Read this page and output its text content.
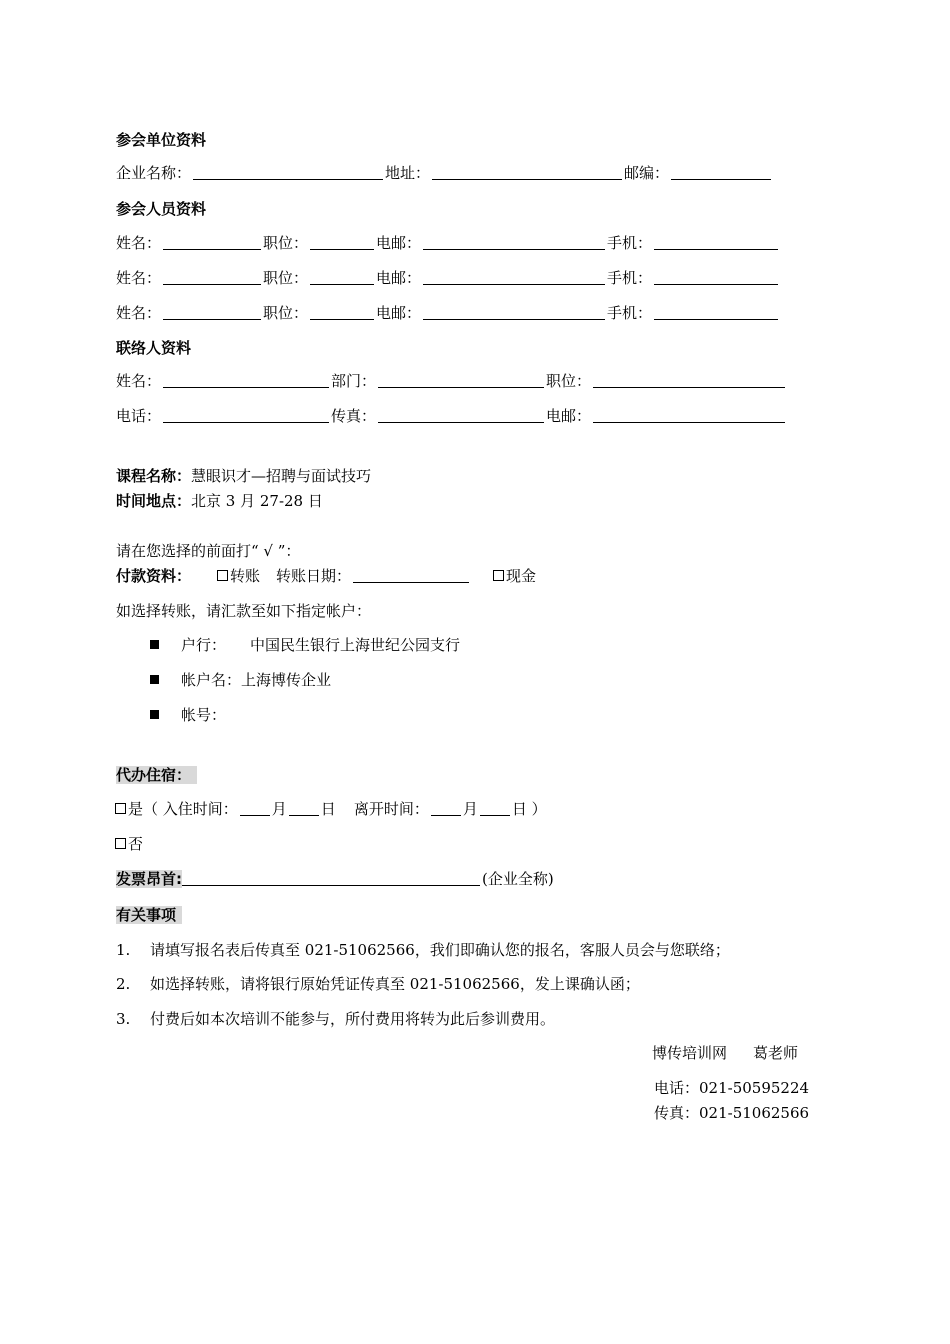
参会单位资料
企业名称：	地址：	邮编：
参会人员资料
姓名：	职位：	电邮：	手机：
姓名：	职位：	电邮：	手机：
姓名：	职位：	电邮：	手机：
联络人资料
姓名：	部门：	职位：
电话：	传真：	电邮：
课程名称：慧眼识才—招聘与面试技巧
时间地点：北京 3 月 27-28 日
请在您选择的前面打“ √ ”：
付款资料：	转账 转账日期：	现金
如选择转账，请汇款至如下指定帐户：
户行： 中国民生银行上海世纪公园支行
帐户名：上海博传企业
帐号：
代办住宿：
是（ 入住时间： 月 日 离开时间： 月 日 ）
否
发票昂首:	(企业全称)
有关事项
1. 请填写报名表后传真至 021-51062566，我们即确认您的报名，客服人员会与您联络；
2. 如选择转账，请将银行原始凭证传真至 021-51062566，发上课确认函；
3. 付费后如本次培训不能参与，所付费用将转为此后参训费用。
博传培训网 葛老师
电话：021-50595224
传真：021-51062566
